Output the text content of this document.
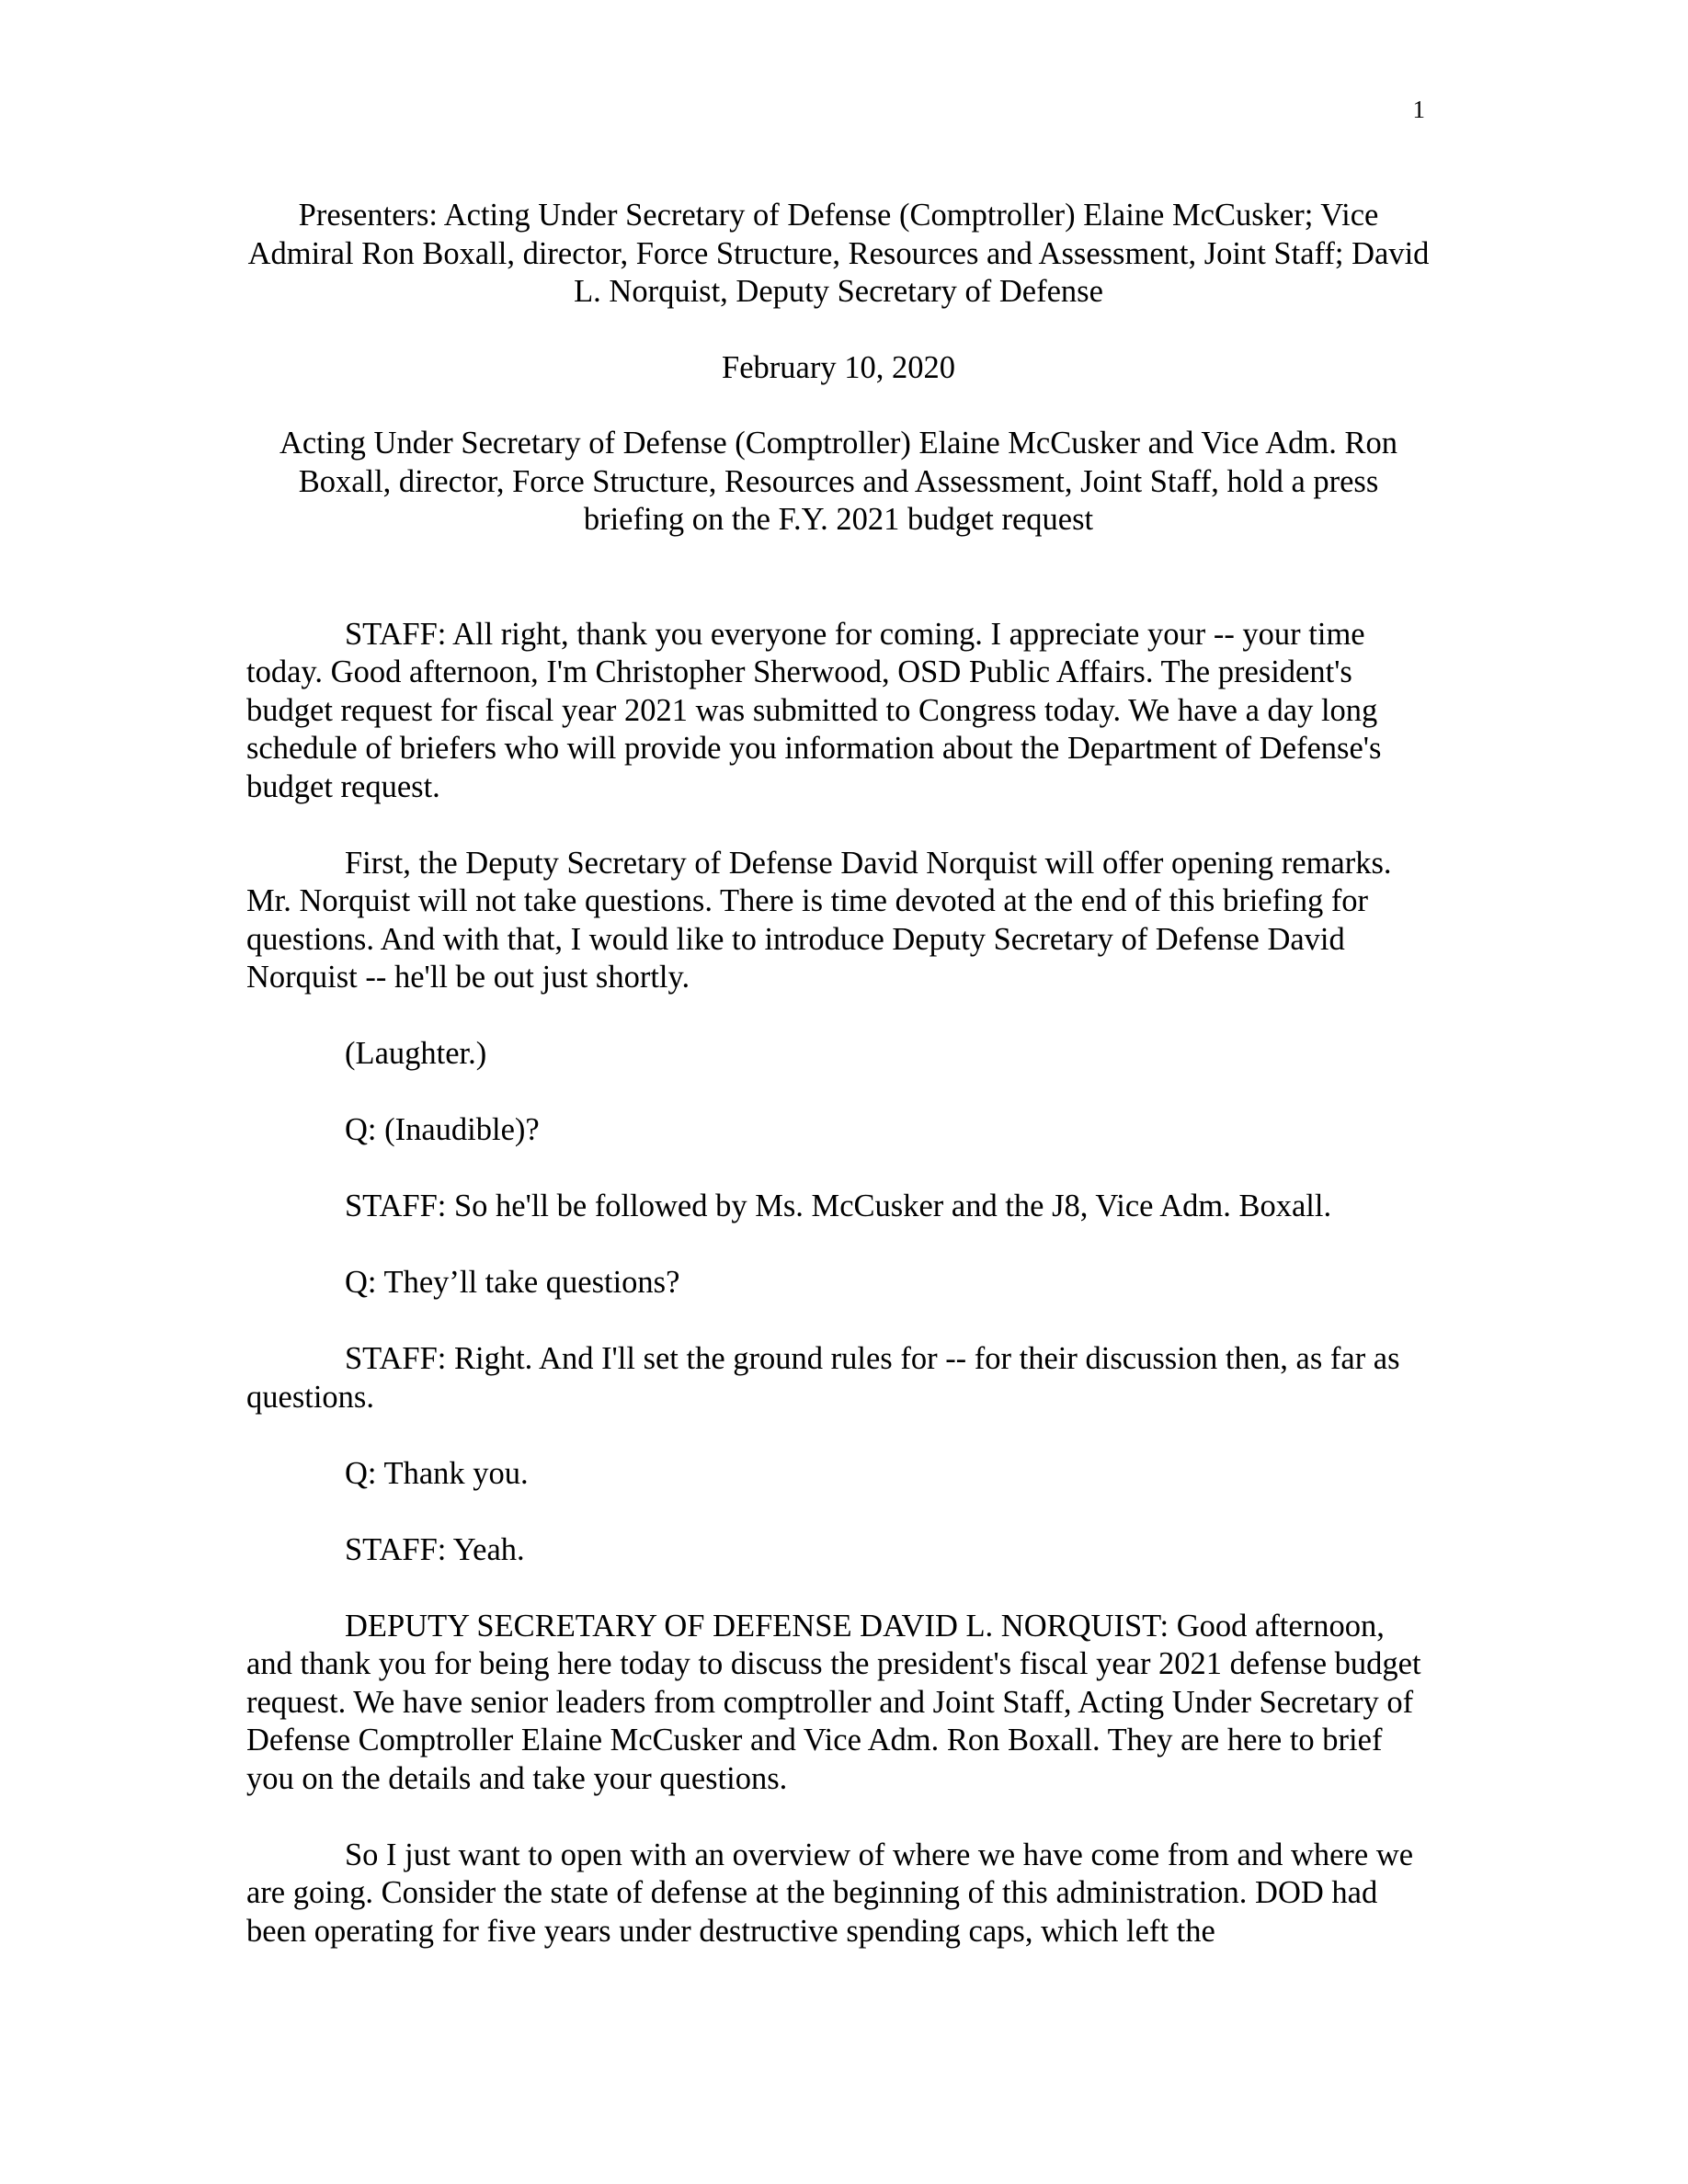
1

Presenters: Acting Under Secretary of Defense (Comptroller) Elaine McCusker; Vice Admiral Ron Boxall, director, Force Structure, Resources and Assessment, Joint Staff; David L. Norquist, Deputy Secretary of Defense

February 10, 2020

Acting Under Secretary of Defense (Comptroller) Elaine McCusker and Vice Adm. Ron Boxall, director, Force Structure, Resources and Assessment, Joint Staff, hold a press briefing on the F.Y. 2021 budget request

STAFF: All right, thank you everyone for coming. I appreciate your -- your time today. Good afternoon, I'm Christopher Sherwood, OSD Public Affairs. The president's budget request for fiscal year 2021 was submitted to Congress today. We have a day long schedule of briefers who will provide you information about the Department of Defense's budget request.

First, the Deputy Secretary of Defense David Norquist will offer opening remarks. Mr. Norquist will not take questions. There is time devoted at the end of this briefing for questions. And with that, I would like to introduce Deputy Secretary of Defense David Norquist -- he'll be out just shortly.

(Laughter.)

Q: (Inaudible)?

STAFF: So he'll be followed by Ms. McCusker and the J8, Vice Adm. Boxall.

Q: They’ll take questions?

STAFF: Right. And I'll set the ground rules for -- for their discussion then, as far as questions.

Q: Thank you.

STAFF: Yeah.

DEPUTY SECRETARY OF DEFENSE DAVID L. NORQUIST: Good afternoon, and thank you for being here today to discuss the president's fiscal year 2021 defense budget request. We have senior leaders from comptroller and Joint Staff, Acting Under Secretary of Defense Comptroller Elaine McCusker and Vice Adm. Ron Boxall. They are here to brief you on the details and take your questions.

So I just want to open with an overview of where we have come from and where we are going. Consider the state of defense at the beginning of this administration. DOD had been operating for five years under destructive spending caps, which left the
